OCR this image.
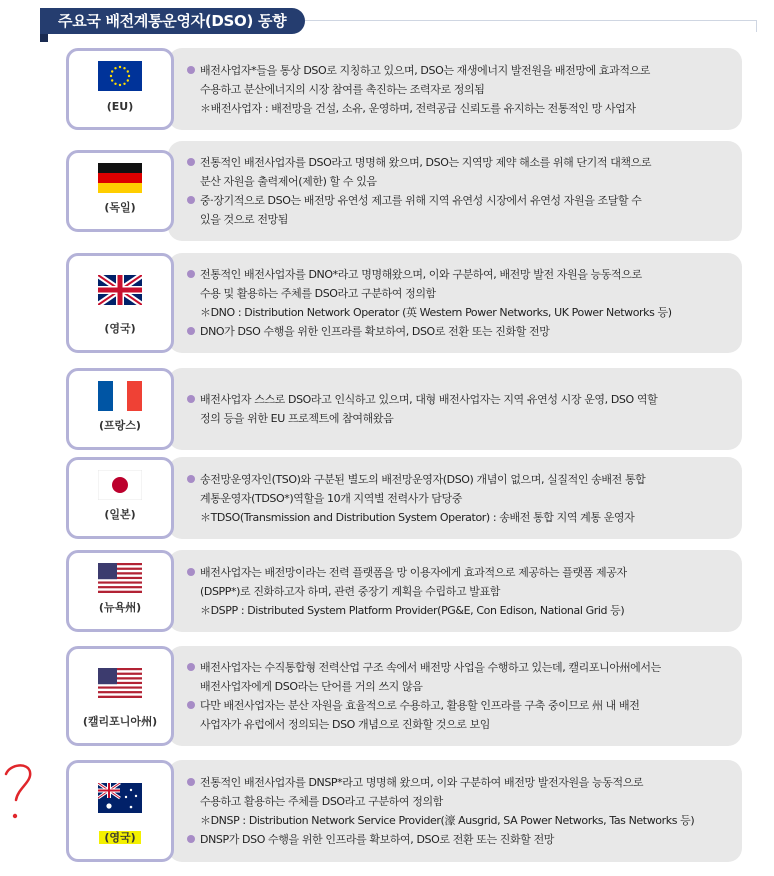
주요국 배전계통운영자(DSO) 동향
배전사업자*들을 통상 DSO로 지칭하고 있으며, DSO는 재생에너지 발전원을 배전망에 효과적으로
수용하고 분산에너지의 시장 참여를 촉진하는 조력자로 정의됨
＊배전사업자 : 배전망을 건설, 소유, 운영하며, 전력공급 신뢰도를 유지하는 전통적인 망 사업자
(EU)
전통적인 배전사업자를 DSO라고 명명해 왔으며, DSO는 지역망 제약 해소를 위해 단기적 대책으로
분산 자원을 출력제어(제한) 할 수 있음
중·장기적으로 DSO는 배전망 유연성 제고를 위해 지역 유연성 시장에서 유연성 자원을 조달할 수
있을 것으로 전망됨
(독일)
전통적인 배전사업자를 DNO*라고 명명해왔으며, 이와 구분하여, 배전망 발전 자원을 능동적으로
수용 및 활용하는 주체를 DSO라고 구분하여 정의함
＊DNO : Distribution Network Operator (英 Western Power Networks, UK Power Networks 등)
DNO가 DSO 수행을 위한 인프라를 확보하여, DSO로 전환 또는 진화할 전망
(영국)
배전사업자 스스로 DSO라고 인식하고 있으며, 대형 배전사업자는 지역 유연성 시장 운영, DSO 역할
정의 등을 위한 EU 프로젝트에 참여해왔음
(프랑스)
송전망운영자인(TSO)와 구분된 별도의 배전망운영자(DSO) 개념이 없으며, 실질적인 송배전 통합
계통운영자(TDSO*)역할을 10개 지역별 전력사가 담당중
＊TDSO(Transmission and Distribution System Operator) : 송배전 통합 지역 계통 운영자
(일본)
배전사업자는 배전망이라는 전력 플랫폼을 망 이용자에게 효과적으로 제공하는 플랫폼 제공자
(DSPP*)로 진화하고자 하며, 관련 중장기 계획을 수립하고 발표함
＊DSPP : Distributed System Platform Provider(PG&E, Con Edison, National Grid 등)
(뉴욕州)
배전사업자는 수직통합형 전력산업 구조 속에서 배전망 사업을 수행하고 있는데, 캘리포니아州에서는
배전사업자에게 DSO라는 단어를 거의 쓰지 않음
다만 배전사업자는 분산 자원을 효율적으로 수용하고, 활용할 인프라를 구축 중이므로 州 내 배전
사업자가 유럽에서 정의되는 DSO 개념으로 진화할 것으로 보임
(캘리포니아州)
전통적인 배전사업자를 DNSP*라고 명명해 왔으며, 이와 구분하여 배전망 발전자원을 능동적으로
수용하고 활용하는 주체를 DSO라고 구분하여 정의함
＊DNSP : Distribution Network Service Provider(濠 Ausgrid, SA Power Networks, Tas Networks 등)
DNSP가 DSO 수행을 위한 인프라를 확보하여, DSO로 전환 또는 진화할 전망
(영국)
